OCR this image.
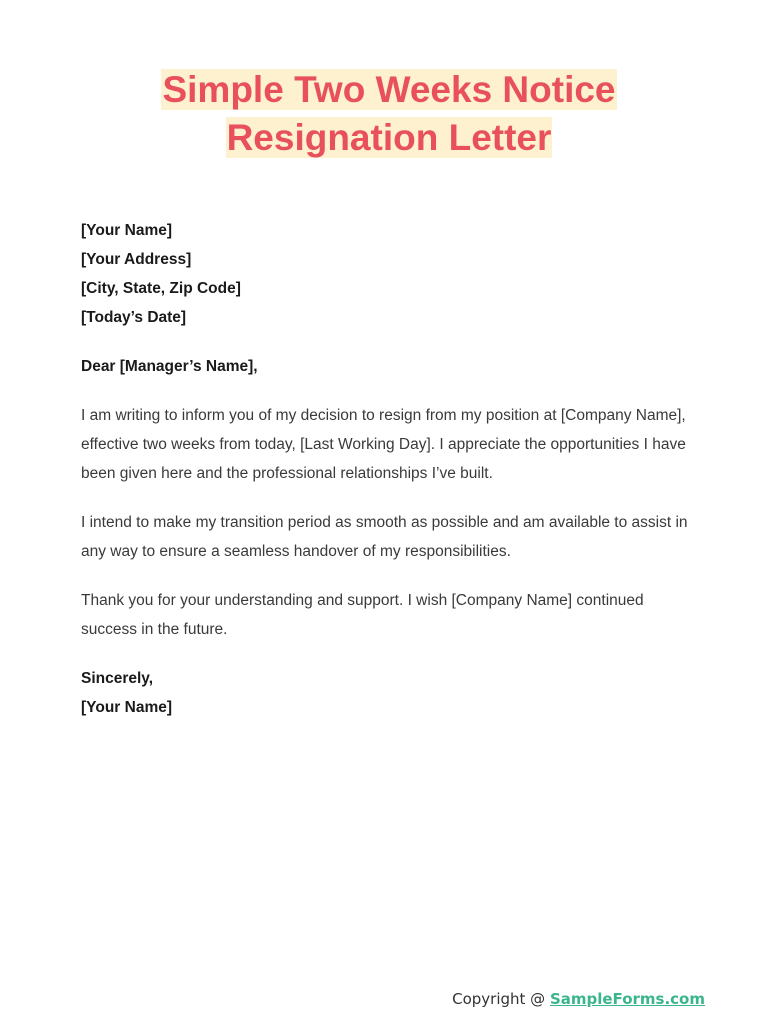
Simple Two Weeks Notice
Resignation Letter

[Your Name]

[Your Address]

[City, State, Zip Code]

[Today’s Date]

Dear [Manager’s Name],

I am writing to inform you of my decision to resign from my position at [Company Name], effective two weeks from today, [Last Working Day]. I appreciate the opportunities I have been given here and the professional relationships I’ve built.

I intend to make my transition period as smooth as possible and am available to assist in any way to ensure a seamless handover of my responsibilities.

Thank you for your understanding and support. I wish [Company Name] continued success in the future.

Sincerely,
[Your Name]
Copyright @ SampleForms.com
